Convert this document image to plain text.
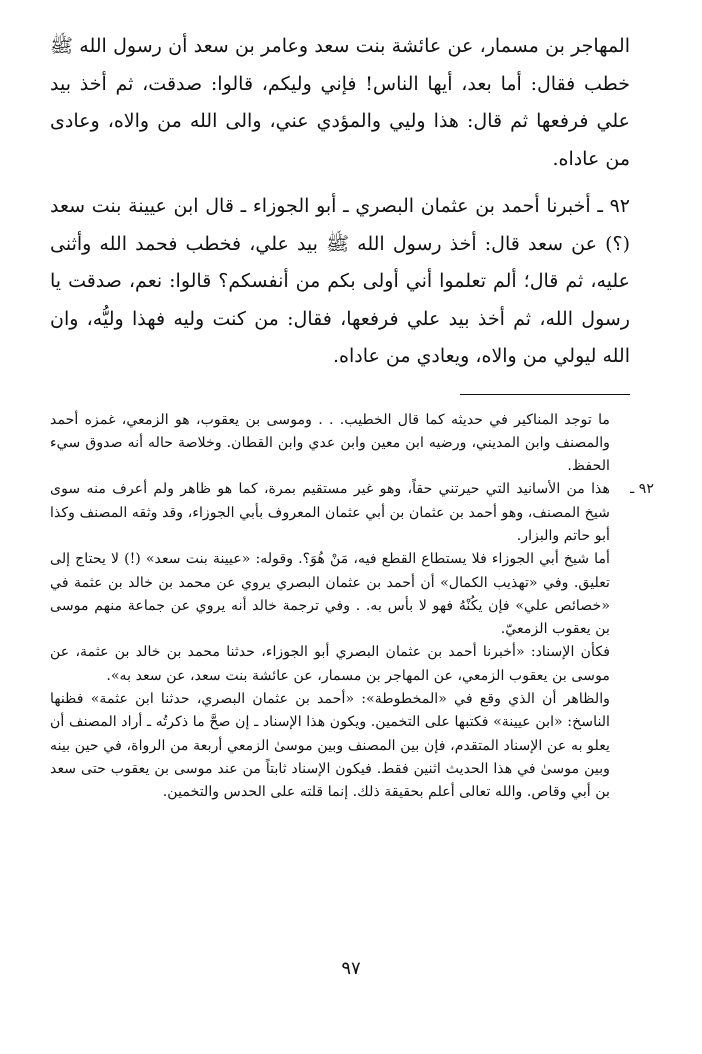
المهاجر بن مسمار، عن عائشة بنت سعد وعامر بن سعد أن رسول الله ﷺ خطب فقال: أما بعد، أيها الناس! فإني وليكم، قالوا: صدقت، ثم أخذ بيد علي فرفعها ثم قال: هذا وليي والمؤدي عني، والى الله من والاه، وعادى من عاداه.

٩٢ ـ أخبرنا أحمد بن عثمان البصري ـ أبو الجوزاء ـ قال ابن عيينة بنت سعد (؟) عن سعد قال: أخذ رسول الله ﷺ بيد علي، فخطب فحمد الله وأثنى عليه، ثم قال؛ ألم تعلموا أني أولى بكم من أنفسكم؟ قالوا: نعم، صدقت يا رسول الله، ثم أخذ بيد علي فرفعها، فقال: من كنت وليه فهذا وليُّه، وان الله ليولي من والاه، ويعادي من عاداه.

ما توجد المناكير في حديثه كما قال الخطيب. . . وموسى بن يعقوب، هو الزمعي، غمزه أحمد والمصنف وابن المديني، ورضيه ابن معين وابن عدي وابن القطان. وخلاصة حاله أنه صدوق سيء الحفظ.

٩٢ ـ

هذا من الأسانيد التي حيرتني حقاً، وهو غير مستقيم بمرة، كما هو ظاهر ولم أعرف منه سوى شيخ المصنف، وهو أحمد بن عثمان بن أبي عثمان المعروف بأبي الجوزاء، وقد وثقه المصنف وكذا أبو حاتم والبزار.

أما شيخ أبي الجوزاء فلا يستطاع القطع فيه، مَنْ هُوَ؟. وقوله: «عيينة بنت سعد» (!) لا يحتاج إلى تعليق. وفي «تهذيب الكمال» أن أحمد بن عثمان البصري يروي عن محمد بن خالد بن عثمة في «خصائص علي» فإن يكُنْهُ فهو لا بأس به. . وفي ترجمة خالد أنه يروي عن جماعة منهم موسى بن يعقوب الزمعيّ.

فكأن الإسناد: «أخبرنا أحمد بن عثمان البصري أبو الجوزاء، حدثنا محمد بن خالد بن عثمة، عن موسى بن يعقوب الزمعي، عن المهاجر بن مسمار، عن عائشة بنت سعد، عن سعد به».

والظاهر أن الذي وقع في «المخطوطة»: «أحمد بن عثمان البصري، حدثنا ابن عثمة» فظنها الناسخ: «ابن عيينة» فكتبها على التخمين. ويكون هذا الإسناد ـ إن صحَّ ما ذكرتُه ـ أراد المصنف أن يعلو به عن الإسناد المتقدم، فإن بين المصنف وبين موسىٰ الزمعي أربعة من الرواة، في حين بينه وبين موسىٰ في هذا الحديث اثنين فقط. فيكون الإسناد ثابتاً من عند موسى بن يعقوب حتى سعد بن أبي وقاص. والله تعالى أعلم بحقيقة ذلك. إنما قلته على الحدس والتخمين.

٩٧
